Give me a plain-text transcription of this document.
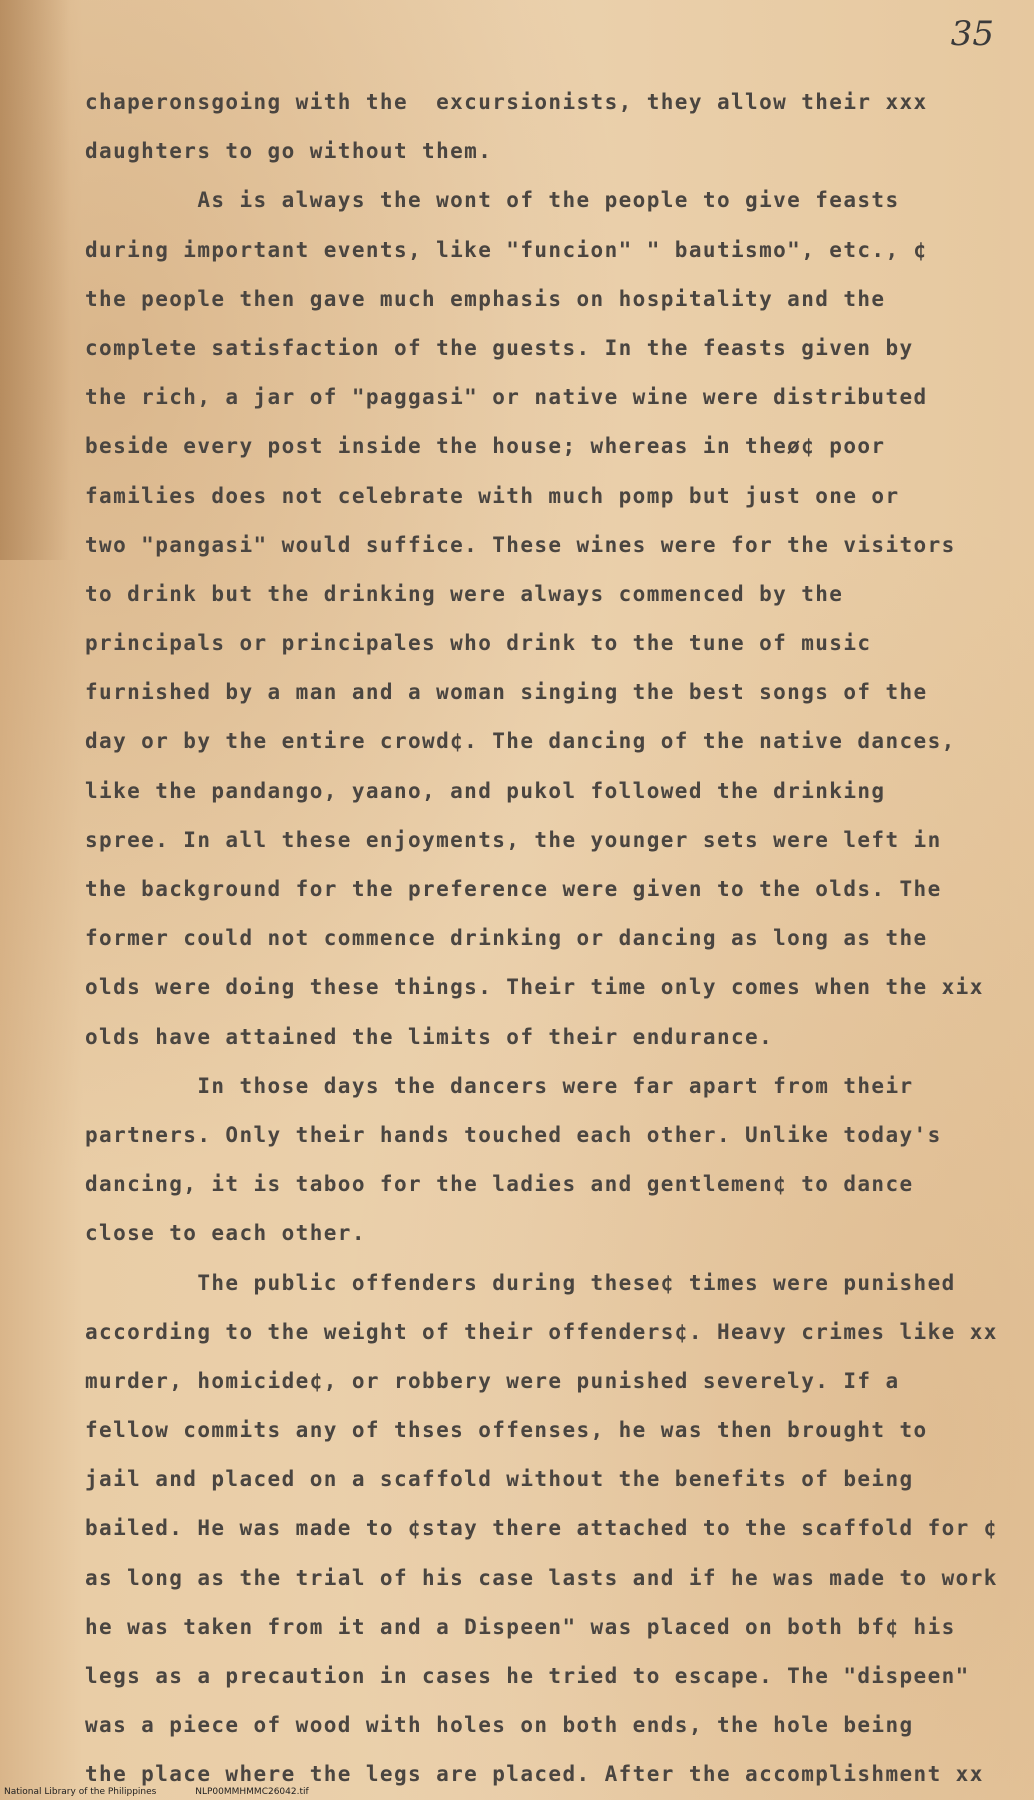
35
chaperonsgoing with the  excursionists, they allow their xxx
daughters to go without them.
As is always the wont of the people to give feasts
during important events, like "funcion" " bautismo", etc., ¢
the people then gave much emphasis on hospitality and the
complete satisfaction of the guests. In the feasts given by
the rich, a jar of "paggasi" or native wine were distributed
beside every post inside the house; whereas in theø¢ poor
families does not celebrate with much pomp but just one or
two "pangasi" would suffice. These wines were for the visitors
to drink but the drinking were always commenced by the
principals or principales who drink to the tune of music
furnished by a man and a woman singing the best songs of the
day or by the entire crowd¢. The dancing of the native dances,
like the pandango, yaano, and pukol followed the drinking
spree. In all these enjoyments, the younger sets were left in
the background for the preference were given to the olds. The
former could not commence drinking or dancing as long as the
olds were doing these things. Their time only comes when the xix
olds have attained the limits of their endurance.
In those days the dancers were far apart from their
partners. Only their hands touched each other. Unlike today's
dancing, it is taboo for the ladies and gentlemen¢ to dance
close to each other.
The public offenders during these¢ times were punished
according to the weight of their offenders¢. Heavy crimes like xx
murder, homicide¢, or robbery were punished severely. If a
fellow commits any of thses offenses, he was then brought to
jail and placed on a scaffold without the benefits of being
bailed. He was made to ¢stay there attached to the scaffold for ¢
as long as the trial of his case lasts and if he was made to work
he was taken from it and a Dispeen" was placed on both bf¢ his
legs as a precaution in cases he tried to escape. The "dispeen"
was a piece of wood with holes on both ends, the hole being
the place where the legs are placed. After the accomplishment xx
National Library of the Philippines	NLP00MMHMMC26042.tif
